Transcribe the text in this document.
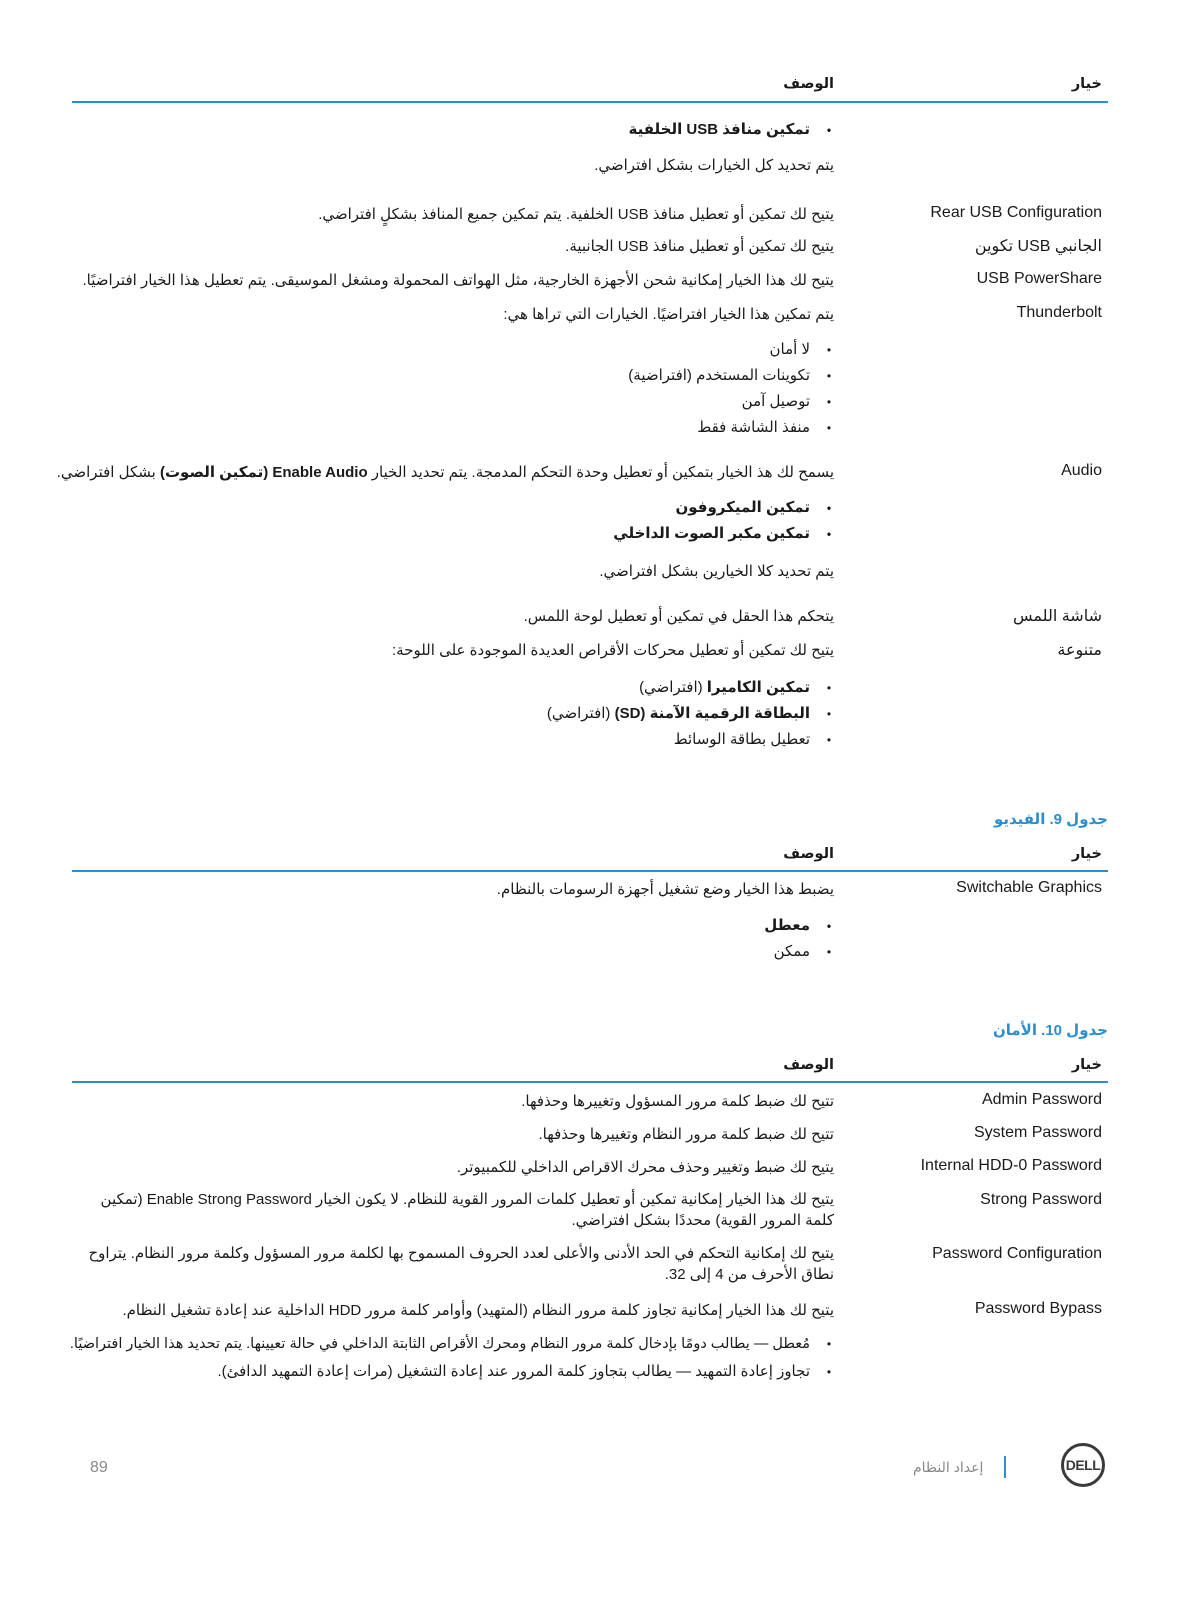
خيار
الوصف
•تمكين منافذ USB الخلفية
يتم تحديد كل الخيارات بشكل افتراضي.
Rear USB Configuration
يتيح لك تمكين أو تعطيل منافذ USB الخلفية. يتم تمكين جميع المنافذ بشكلٍ افتراضي.
تكوين USB الجانبي
يتيح لك تمكين أو تعطيل منافذ USB الجانبية.
USB PowerShare
يتيح لك هذا الخيار إمكانية شحن الأجهزة الخارجية، مثل الهواتف المحمولة ومشغل الموسيقى. يتم تعطيل هذا الخيار افتراضيًا.
Thunderbolt
يتم تمكين هذا الخيار افتراضيًا. الخيارات التي تراها هي:
•لا أمان
•تكوينات المستخدم (افتراضية)
•توصيل آمن
•منفذ الشاشة فقط
Audio
يسمح لك هذ الخيار بتمكين أو تعطيل وحدة التحكم المدمجة. يتم تحديد الخيار Enable Audio (تمكين الصوت) بشكل افتراضي.
•تمكين الميكروفون
•تمكين مكبر الصوت الداخلي
يتم تحديد كلا الخيارين بشكل افتراضي.
شاشة اللمس
يتحكم هذا الحقل في تمكين أو تعطيل لوحة اللمس.
متنوعة
يتيح لك تمكين أو تعطيل محركات الأقراص العديدة الموجودة على اللوحة:
•تمكين الكاميرا (افتراضي)
•البطاقة الرقمية الآمنة (SD) (افتراضي)
•تعطيل بطاقة الوسائط
جدول 9. الفيديو
خيار
الوصف
Switchable Graphics
يضبط هذا الخيار وضع تشغيل أجهزة الرسومات بالنظام.
•معطل
•ممكن
جدول 10. الأمان
خيار
الوصف
Admin Password
تتيح لك ضبط كلمة مرور المسؤول وتغييرها وحذفها.
System Password
تتيح لك ضبط كلمة مرور النظام وتغييرها وحذفها.
Internal HDD-0 Password
يتيح لك ضبط وتغيير وحذف محرك الاقراص الداخلي للكمبيوتر.
Strong Password
يتيح لك هذا الخيار إمكانية تمكين أو تعطيل كلمات المرور القوية للنظام. لا يكون الخيار Enable Strong Password (تمكين كلمة المرور القوية) محددًا بشكل افتراضي.
Password Configuration
يتيح لك إمكانية التحكم في الحد الأدنى والأعلى لعدد الحروف المسموح بها لكلمة مرور المسؤول وكلمة مرور النظام. يتراوح نطاق الأحرف من 4 إلى 32.
Password Bypass
يتيح لك هذا الخيار إمكانية تجاوز كلمة مرور النظام (المتهيد) وأوامر كلمة مرور HDD الداخلية عند إعادة تشغيل النظام.
•مُعطل — يطالب دومًا بإدخال كلمة مرور النظام ومحرك الأقراص الثابتة الداخلي في حالة تعيينها. يتم تحديد هذا الخيار افتراضيًا.
•تجاوز إعادة التمهيد — يطالب بتجاوز كلمة المرور عند إعادة التشغيل (مرات إعادة التمهيد الدافئ).
89	إعداد النظام	DELL
